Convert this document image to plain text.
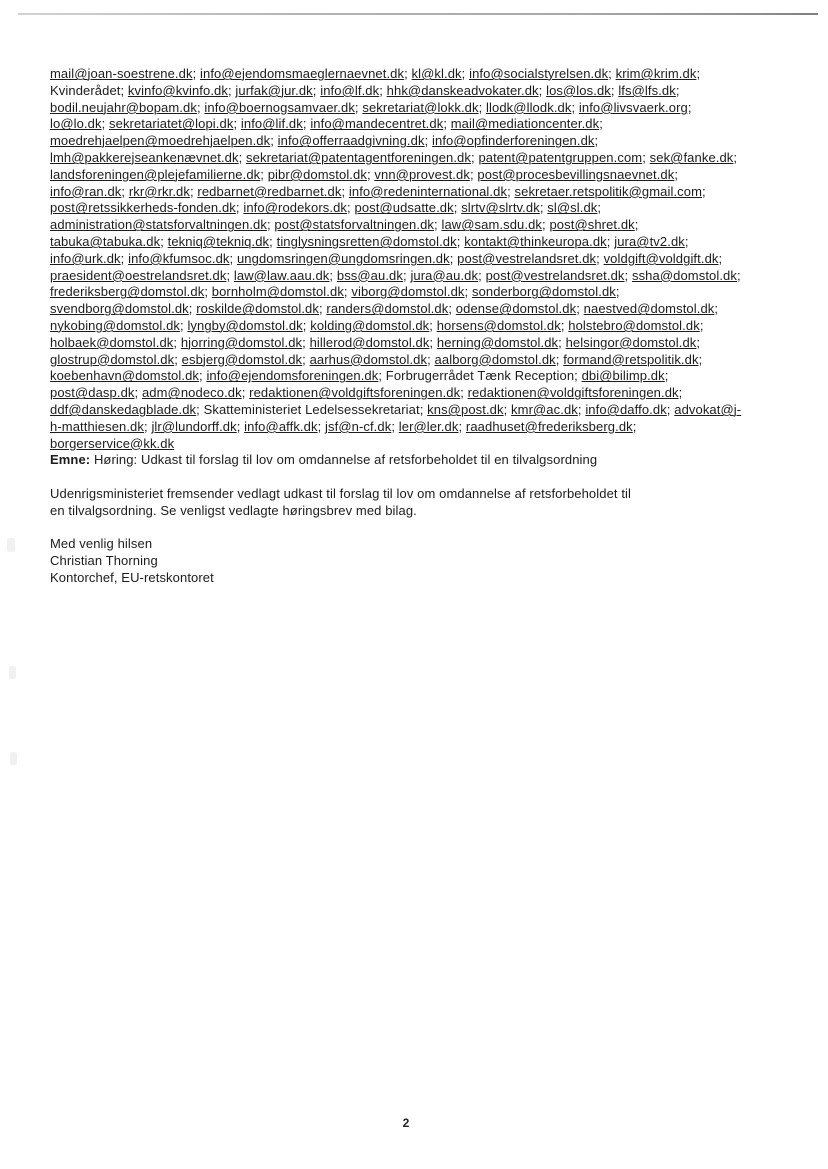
mail@joan-soestrene.dk; info@ejendomsmaeglernaevnet.dk; kl@kl.dk; info@socialstyrelsen.dk; krim@krim.dk;
Kvinderådet; kvinfo@kvinfo.dk; jurfak@jur.dk; info@lf.dk; hhk@danskeadvokater.dk; los@los.dk; lfs@lfs.dk;
bodil.neujahr@bopam.dk; info@boernogsamvaer.dk; sekretariat@lokk.dk; llodk@llodk.dk; info@livsvaerk.org;
lo@lo.dk; sekretariatet@lopi.dk; info@lif.dk; info@mandecentret.dk; mail@mediationcenter.dk;
moedrehjaelpen@moedrehjaelpen.dk; info@offerraadgivning.dk; info@opfinderforeningen.dk;
lmh@pakkerejseankenævnet.dk; sekretariat@patentagentforeningen.dk; patent@patentgruppen.com; sek@fanke.dk;
landsforeningen@plejefamilierne.dk; pibr@domstol.dk; vnn@provest.dk; post@procesbevillingsnaevnet.dk;
info@ran.dk; rkr@rkr.dk; redbarnet@redbarnet.dk; info@redeninternational.dk; sekretaer.retspolitik@gmail.com;
post@retssikkerheds-fonden.dk; info@rodekors.dk; post@udsatte.dk; slrtv@slrtv.dk; sl@sl.dk;
administration@statsforvaltningen.dk; post@statsforvaltningen.dk; law@sam.sdu.dk; post@shret.dk;
tabuka@tabuka.dk; tekniq@tekniq.dk; tinglysningsretten@domstol.dk; kontakt@thinkeuropa.dk; jura@tv2.dk;
info@urk.dk; info@kfumsoc.dk; ungdomsringen@ungdomsringen.dk; post@vestrelandsret.dk; voldgift@voldgift.dk;
praesident@oestrelandsret.dk; law@law.aau.dk; bss@au.dk; jura@au.dk; post@vestrelandsret.dk; ssha@domstol.dk;
frederiksberg@domstol.dk; bornholm@domstol.dk; viborg@domstol.dk; sonderborg@domstol.dk;
svendborg@domstol.dk; roskilde@domstol.dk; randers@domstol.dk; odense@domstol.dk; naestved@domstol.dk;
nykobing@domstol.dk; lyngby@domstol.dk; kolding@domstol.dk; horsens@domstol.dk; holstebro@domstol.dk;
holbaek@domstol.dk; hjorring@domstol.dk; hillerod@domstol.dk; herning@domstol.dk; helsingor@domstol.dk;
glostrup@domstol.dk; esbjerg@domstol.dk; aarhus@domstol.dk; aalborg@domstol.dk; formand@retspolitik.dk;
koebenhavn@domstol.dk; info@ejendomsforeningen.dk; Forbrugerrådet Tænk Reception; dbi@bilimp.dk;
post@dasp.dk; adm@nodeco.dk; redaktionen@voldgiftsforeningen.dk; redaktionen@voldgiftsforeningen.dk;
ddf@danskedagblade.dk; Skatteministeriet Ledelsessekretariat; kns@post.dk; kmr@ac.dk; info@daffo.dk; advokat@j-
h-matthiesen.dk; jlr@lundorff.dk; info@affk.dk; jsf@n-cf.dk; ler@ler.dk; raadhuset@frederiksberg.dk;
borgerservice@kk.dk
Emne: Høring: Udkast til forslag til lov om omdannelse af retsforbeholdet til en tilvalgsordning
Udenrigsministeriet fremsender vedlagt udkast til forslag til lov om omdannelse af retsforbeholdet til
en tilvalgsordning. Se venligst vedlagte høringsbrev med bilag.
Med venlig hilsen
Christian Thorning
Kontorchef, EU-retskontoret
2
